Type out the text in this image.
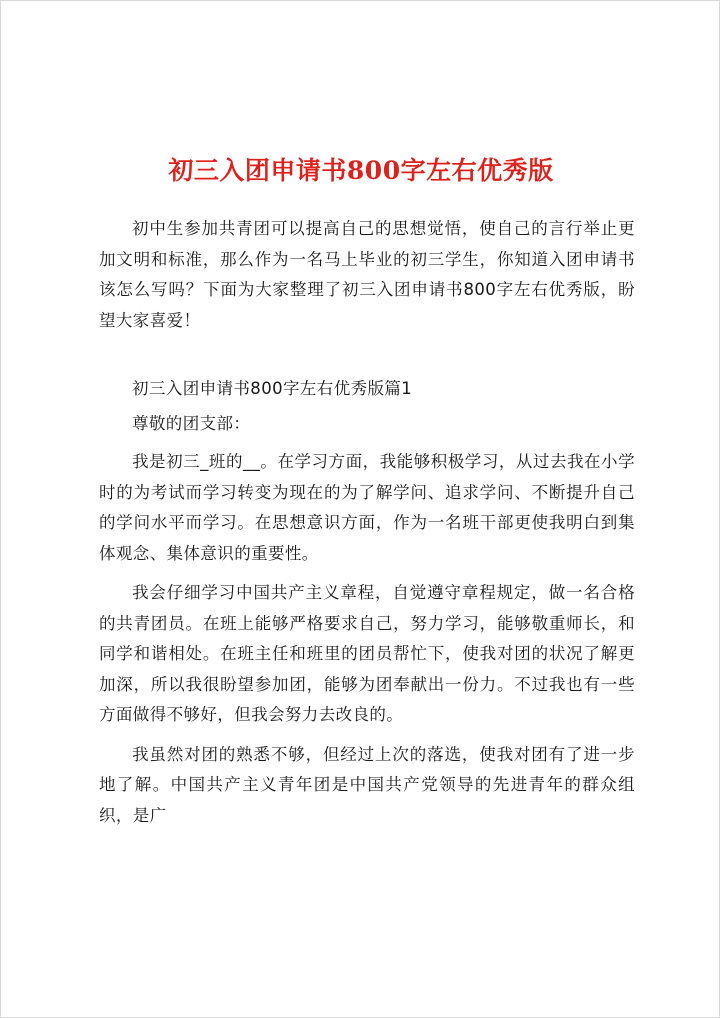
初三入团申请书800字左右优秀版

初中生参加共青团可以提高自己的思想觉悟，使自己的言行举止更加文明和标准，那么作为一名马上毕业的初三学生，你知道入团申请书该怎么写吗？下面为大家整理了初三入团申请书800字左右优秀版，盼望大家喜爱！

初三入团申请书800字左右优秀版篇1

尊敬的团支部：

我是初三_班的__。在学习方面，我能够积极学习，从过去我在小学时的为考试而学习转变为现在的为了解学问、追求学问、不断提升自己的学问水平而学习。在思想意识方面，作为一名班干部更使我明白到集体观念、集体意识的重要性。

我会仔细学习中国共产主义章程，自觉遵守章程规定，做一名合格的共青团员。在班上能够严格要求自己，努力学习，能够敬重师长，和同学和谐相处。在班主任和班里的团员帮忙下，使我对团的状况了解更加深，所以我很盼望参加团，能够为团奉献出一份力。不过我也有一些方面做得不够好，但我会努力去改良的。

我虽然对团的熟悉不够，但经过上次的落选，使我对团有了进一步地了解。中国共产主义青年团是中国共产党领导的先进青年的群众组织，是广
